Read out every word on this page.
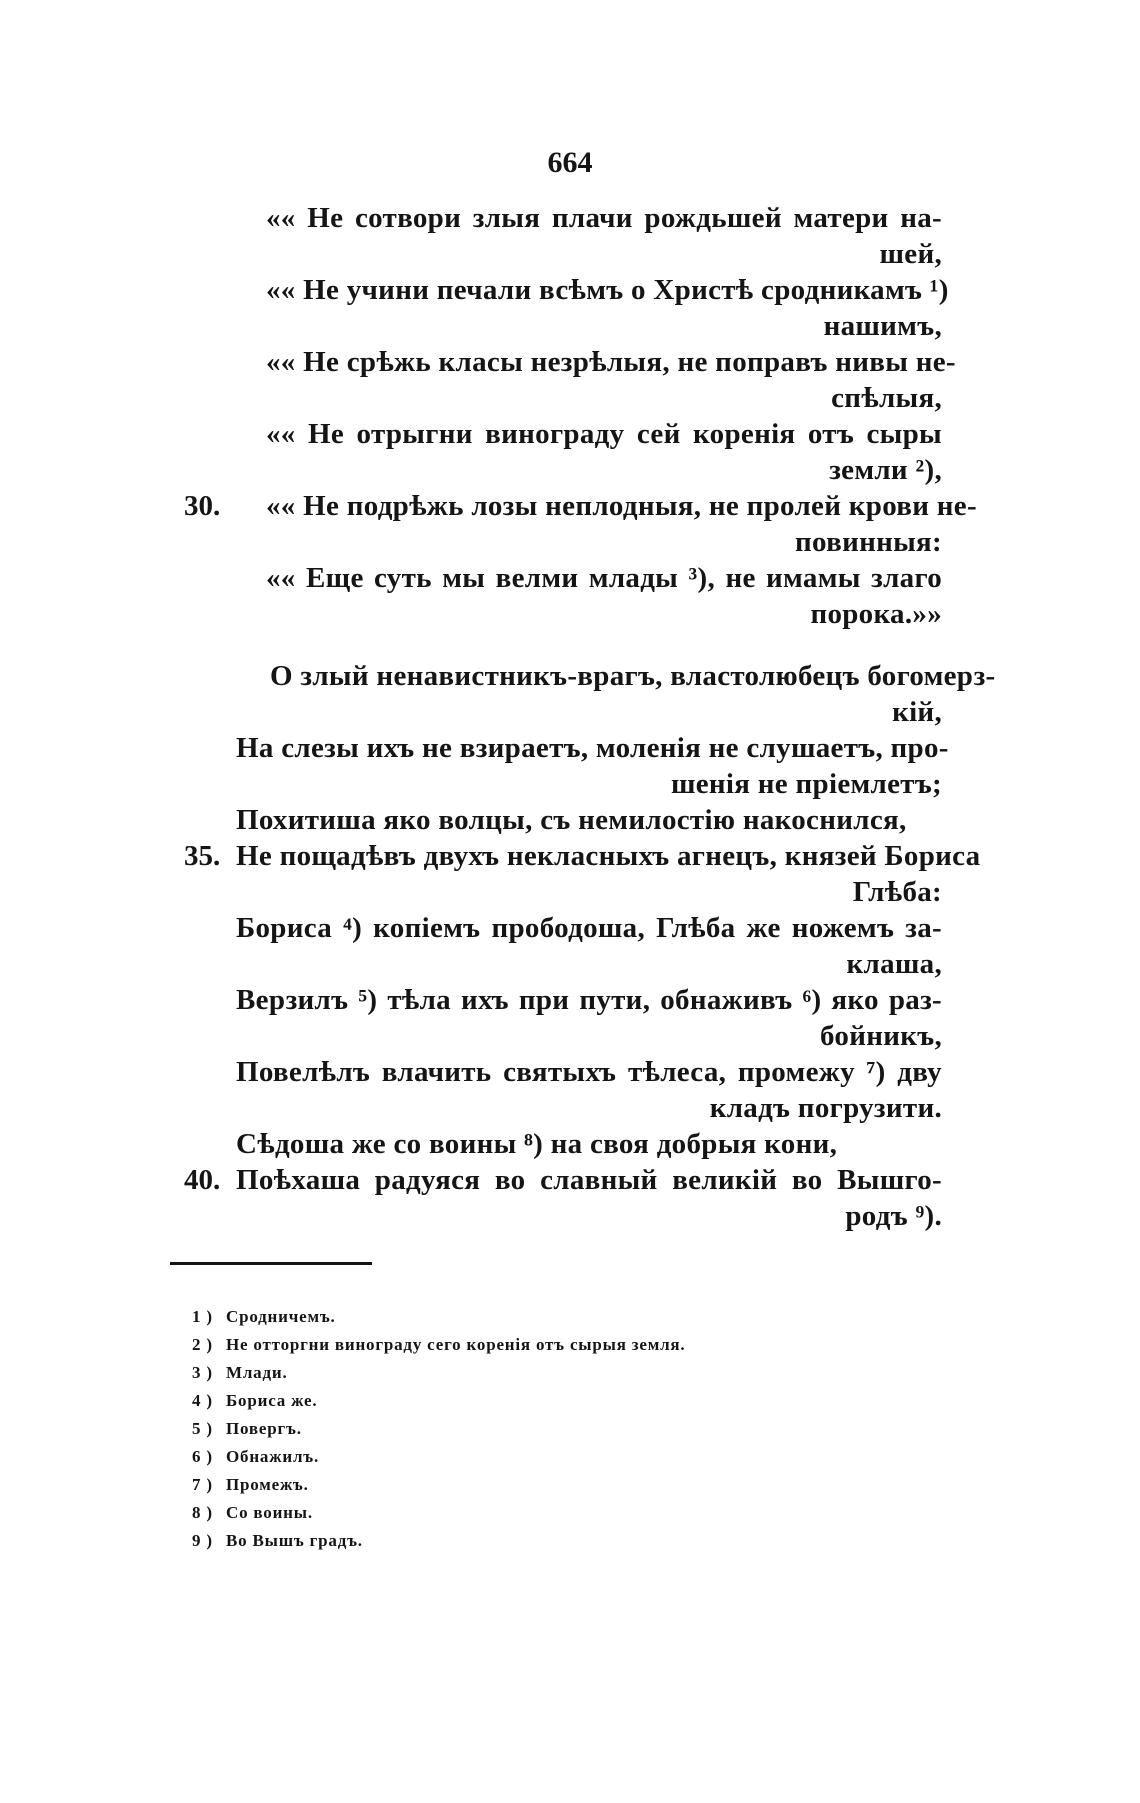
664
«« Не сотвори злыя плачи рождьшей матери на-
шей,
«« Не учини печали всѣмъ о Христѣ сродникамъ ¹)
нашимъ,
«« Не срѣжь класы незрѣлыя, не поправъ нивы не-
спѣлыя,
«« Не отрыгни винограду сей коренія отъ сыры
земли ²),
30. «« Не подрѣжь лозы неплодныя, не пролей крови не-
повинныя:
«« Еще суть мы велми млады ³), не имамы злаго
порока.»»
О злый ненавистникъ-врагъ, властолюбецъ богомерз-
кій,
На слезы ихъ не взираетъ, моленія не слушаетъ, про-
шенія не пріемлетъ;
Похитиша яко волцы, съ немилостію накоснился,
35. Не пощадѣвъ двухъ некласныхъ агнецъ, князей Бориса
Глѣба:
Бориса ⁴) копіемъ прободоша, Глѣба же ножемъ за-
клаша,
Верзилъ ⁵) тѣла ихъ при пути, обнаживъ ⁶) яко раз-
бойникъ,
Повелѣлъ влачить святыхъ тѣлеса, промежу ⁷) дву
кладъ погрузити.
Сѣдоша же со воины ⁸) на своя добрыя кони,
40. Поѣхаша радуяся во славный великій во Вышго-
родъ ⁹).
1 ) Сродничемъ.
2 ) Не отторгни винограду сего коренія отъ сырыя земля.
3 ) Млади.
4 ) Бориса же.
5 ) Повергъ.
6 ) Обнажилъ.
7 ) Промежъ.
8 ) Со воины.
9 ) Во Вышъ градъ.
